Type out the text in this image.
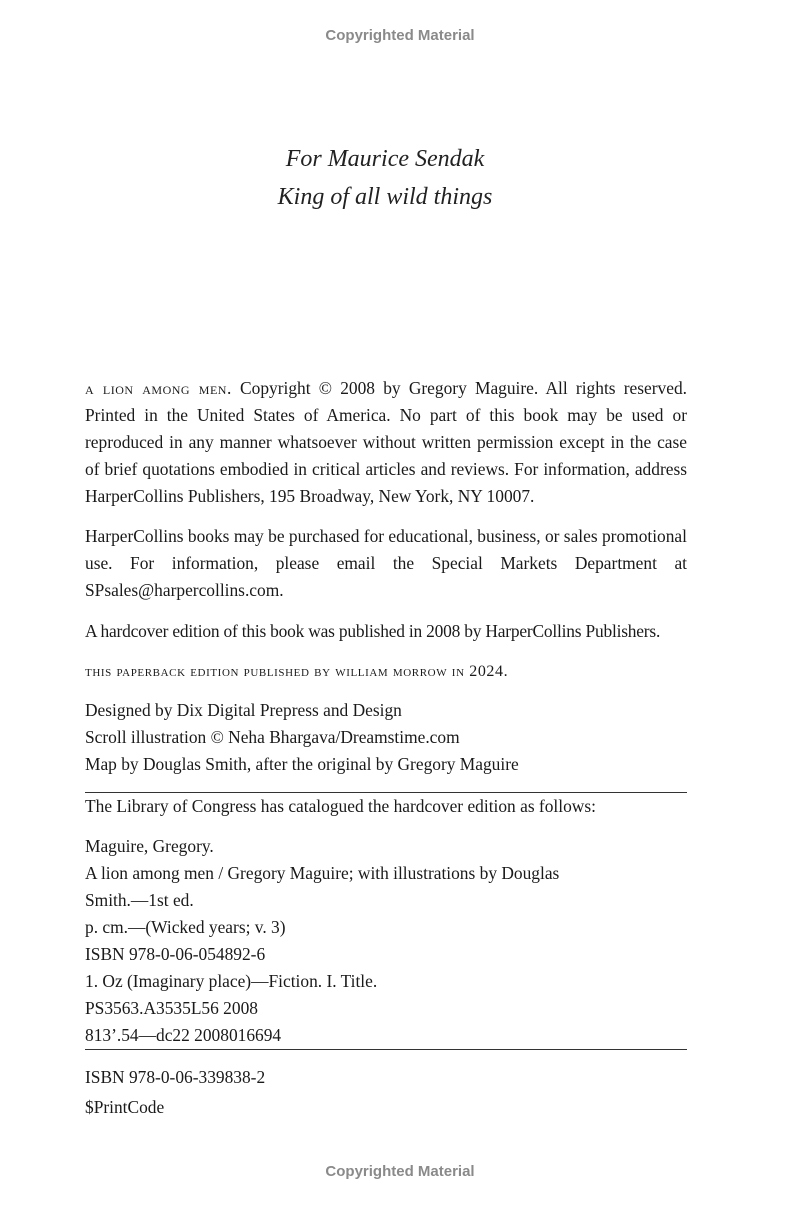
Copyrighted Material
For Maurice Sendak
King of all wild things

a lion among men. Copyright © 2008 by Gregory Maguire. All rights reserved. Printed in the United States of America. No part of this book may be used or reproduced in any manner whatsoever without written permission except in the case of brief quotations embodied in critical articles and reviews. For information, address HarperCollins Publishers, 195 Broadway, New York, NY 10007.

HarperCollins books may be purchased for educational, business, or sales promotional use. For information, please email the Special Markets Department at SPsales@harpercollins.com.

A hardcover edition of this book was published in 2008 by HarperCollins Publishers.

this paperback edition published by william morrow in 2024.

Designed by Dix Digital Prepress and Design

Scroll illustration © Neha Bhargava/Dreamstime.com

Map by Douglas Smith, after the original by Gregory Maguire

The Library of Congress has catalogued the hardcover edition as follows:

Maguire, Gregory.

A lion among men / Gregory Maguire; with illustrations by Douglas

Smith.—1st ed.

p. cm.—(Wicked years; v. 3)

ISBN 978-0-06-054892-6

1. Oz (Imaginary place)—Fiction. I. Title.

PS3563.A3535L56 2008

813’.54—dc22 2008016694

ISBN 978-0-06-339838-2

$PrintCode

Copyrighted Material
